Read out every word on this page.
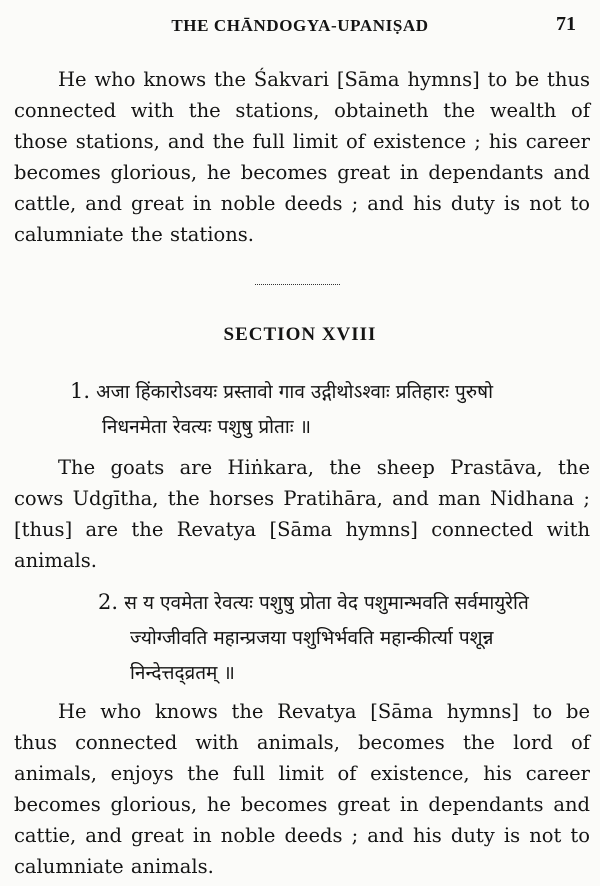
THE CHĀNDOGYA-UPANIṢAD	71

He who knows the Śakvari [Sāma hymns] to be thus
connected with the stations, obtaineth the wealth of
those stations, and the full limit of existence ; his career
becomes glorious, he becomes great in dependants and
cattle, and great in noble deeds ; and his duty is not to
calumniate the stations.

SECTION XVIII
1. अजा हिंकारोऽवयः प्रस्तावो गाव उद्गीथोऽश्वाः प्रतिहारः पुरुषो
निधनमेता रेवत्यः पशुषु प्रोताः ॥

The goats are Hiṅkara, the sheep Prastāva, the
cows Udgītha, the horses Pratihāra, and man Nidhana ;
[thus] are the Revatya [Sāma hymns] connected with
animals.

2. स य एवमेता रेवत्यः पशुषु प्रोता वेद पशुमान्भवति सर्वमायुरेति
ज्योग्जीवति महान्प्रजया पशुभिर्भवति महान्कीर्त्या पशून्न
निन्देत्तद्व्रतम् ॥

He who knows the Revatya [Sāma hymns] to be
thus connected with animals, becomes the lord of
animals, enjoys the full limit of existence, his career
becomes glorious, he becomes great in dependants and
cattie, and great in noble deeds ; and his duty is not to
calumniate animals.
